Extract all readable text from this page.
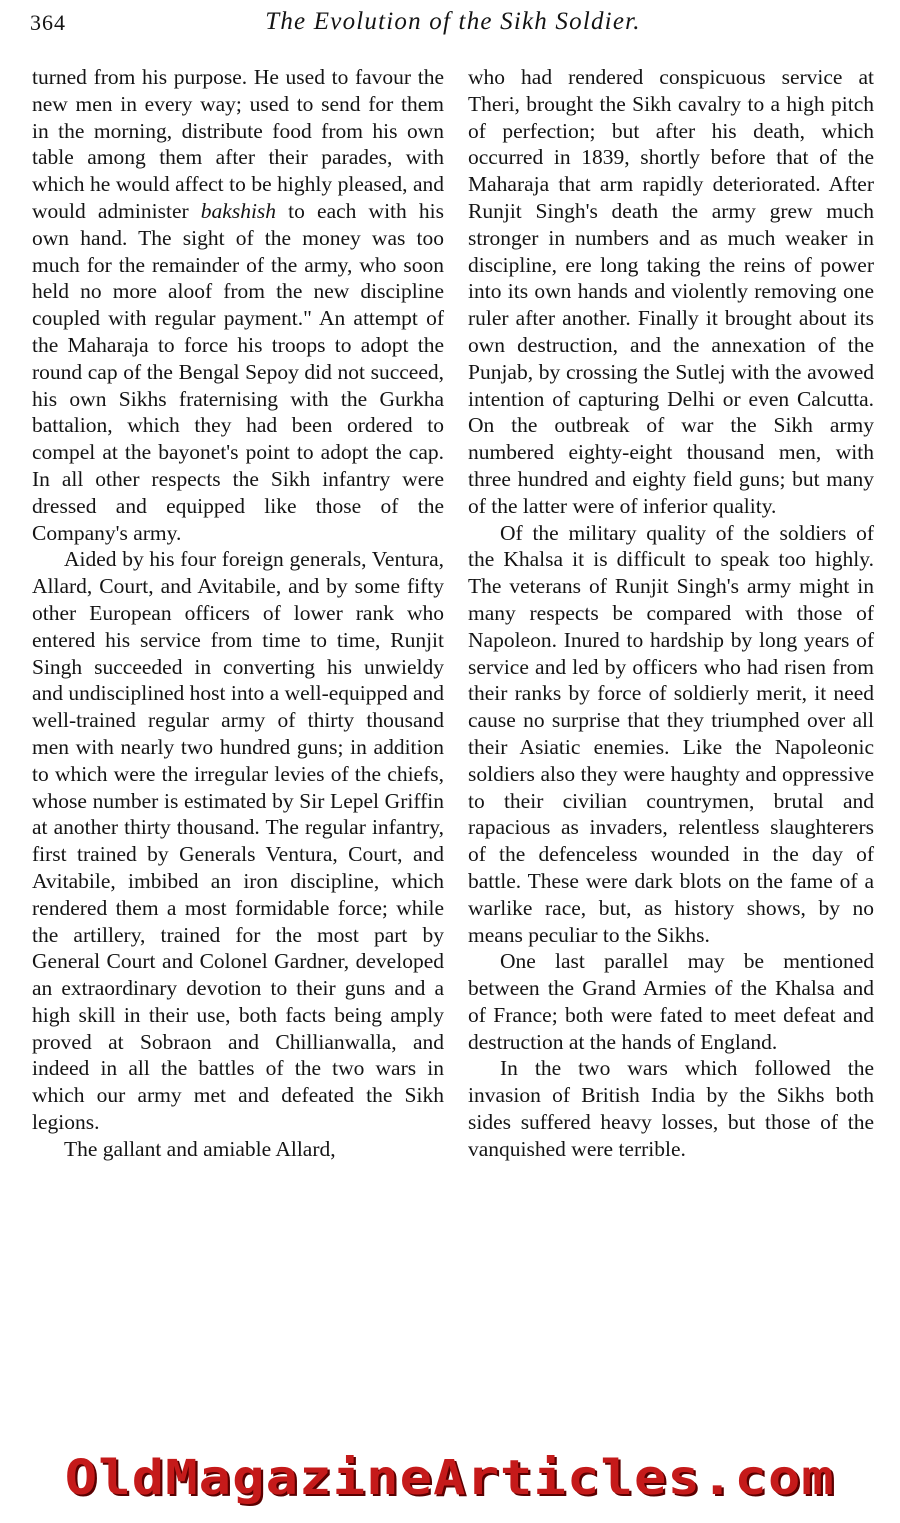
364	The Evolution of the Sikh Soldier.

turned from his purpose. He used to favour the new men in every way; used to send for them in the morning, distribute food from his own table among them after their parades, with which he would affect to be highly pleased, and would administer bakshish to each with his own hand. The sight of the money was too much for the remainder of the army, who soon held no more aloof from the new discipline coupled with regular payment." An attempt of the Maharaja to force his troops to adopt the round cap of the Bengal Sepoy did not succeed, his own Sikhs fraternising with the Gurkha battalion, which they had been ordered to compel at the bayonet's point to adopt the cap. In all other respects the Sikh infantry were dressed and equipped like those of the Company's army.

Aided by his four foreign generals, Ventura, Allard, Court, and Avitabile, and by some fifty other European officers of lower rank who entered his service from time to time, Runjit Singh succeeded in converting his unwieldy and undisciplined host into a well-equipped and well-trained regular army of thirty thousand men with nearly two hundred guns; in addition to which were the irregular levies of the chiefs, whose number is estimated by Sir Lepel Griffin at another thirty thousand. The regular infantry, first trained by Generals Ventura, Court, and Avitabile, imbibed an iron discipline, which rendered them a most formidable force; while the artillery, trained for the most part by General Court and Colonel Gardner, developed an extraordinary devotion to their guns and a high skill in their use, both facts being amply proved at Sobraon and Chillianwalla, and indeed in all the battles of the two wars in which our army met and defeated the Sikh legions.

The gallant and amiable Allard,

who had rendered conspicuous service at Theri, brought the Sikh cavalry to a high pitch of perfection; but after his death, which occurred in 1839, shortly before that of the Maharaja that arm rapidly deteriorated. After Runjit Singh's death the army grew much stronger in numbers and as much weaker in discipline, ere long taking the reins of power into its own hands and violently removing one ruler after another. Finally it brought about its own destruction, and the annexation of the Punjab, by crossing the Sutlej with the avowed intention of capturing Delhi or even Calcutta. On the outbreak of war the Sikh army numbered eighty-eight thousand men, with three hundred and eighty field guns; but many of the latter were of inferior quality.

Of the military quality of the soldiers of the Khalsa it is difficult to speak too highly. The veterans of Runjit Singh's army might in many respects be compared with those of Napoleon. Inured to hardship by long years of service and led by officers who had risen from their ranks by force of soldierly merit, it need cause no surprise that they triumphed over all their Asiatic enemies. Like the Napoleonic soldiers also they were haughty and oppressive to their civilian countrymen, brutal and rapacious as invaders, relentless slaughterers of the defenceless wounded in the day of battle. These were dark blots on the fame of a warlike race, but, as history shows, by no means peculiar to the Sikhs.

One last parallel may be mentioned between the Grand Armies of the Khalsa and of France; both were fated to meet defeat and destruction at the hands of England.

In the two wars which followed the invasion of British India by the Sikhs both sides suffered heavy losses, but those of the vanquished were terrible.

OldMagazineArticles.com
